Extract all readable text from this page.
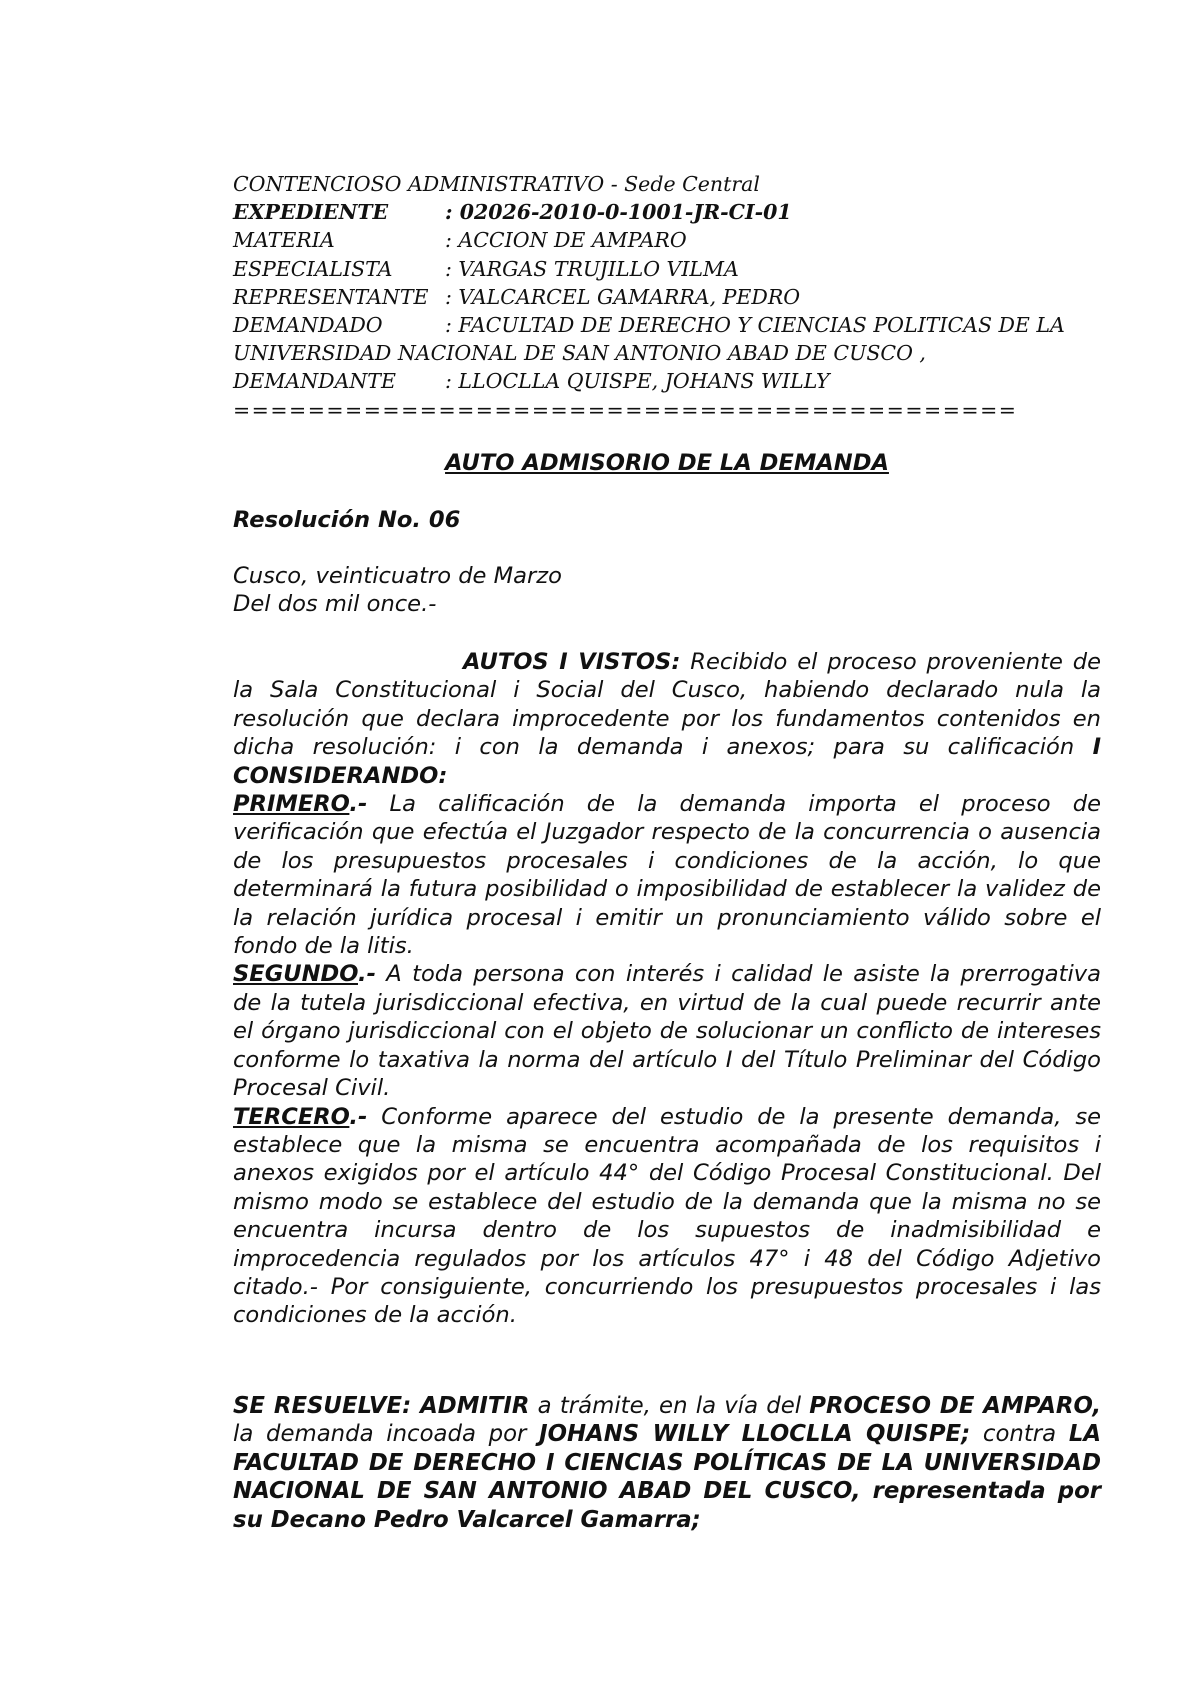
CONTENCIOSO ADMINISTRATIVO - Sede Central
EXPEDIENTE	: 02026-2010-0-1001-JR-CI-01
MATERIA	: ACCION DE AMPARO
ESPECIALISTA	: VARGAS TRUJILLO VILMA
REPRESENTANTE : VALCARCEL GAMARRA, PEDRO
DEMANDADO	: FACULTAD DE DERECHO Y CIENCIAS POLITICAS DE LA
UNIVERSIDAD NACIONAL DE SAN ANTONIO ABAD DE CUSCO ,
DEMANDANTE	: LLOCLLA QUISPE, JOHANS WILLY
==========================================
AUTO ADMISORIO DE LA DEMANDA
Resolución No. 06
Cusco, veinticuatro de Marzo
Del dos mil once.-

AUTOS I VISTOS: Recibido el proceso proveniente de la Sala Constitucional i Social del Cusco, habiendo declarado nula la resolución que declara improcedente por los fundamentos contenidos en dicha resolución: i con la demanda i anexos; para su calificación I CONSIDERANDO:

PRIMERO.- La calificación de la demanda importa el proceso de verificación que efectúa el Juzgador respecto de la concurrencia o ausencia de los presupuestos procesales i condiciones de la acción, lo que determinará la futura posibilidad o imposibilidad de establecer la validez de la relación jurídica procesal i emitir un pronunciamiento válido sobre el fondo de la litis.

SEGUNDO.- A toda persona con interés i calidad le asiste la prerrogativa de la tutela jurisdiccional efectiva, en virtud de la cual puede recurrir ante el órgano jurisdiccional con el objeto de solucionar un conflicto de intereses conforme lo taxativa la norma del artículo I del Título Preliminar del Código Procesal Civil.

TERCERO.- Conforme aparece del estudio de la presente demanda, se establece que la misma se encuentra acompañada de los requisitos i anexos exigidos por el artículo 44° del Código Procesal Constitucional. Del mismo modo se establece del estudio de la demanda que la misma no se encuentra incursa dentro de los supuestos de inadmisibilidad e improcedencia regulados por los artículos 47° i 48 del Código Adjetivo citado.- Por consiguiente, concurriendo los presupuestos procesales i las condiciones de la acción.

SE RESUELVE: ADMITIR a trámite, en la vía del PROCESO DE AMPARO, la demanda incoada por JOHANS WILLY LLOCLLA QUISPE; contra LA FACULTAD DE DERECHO I CIENCIAS POLÍTICAS DE LA UNIVERSIDAD NACIONAL DE SAN ANTONIO ABAD DEL CUSCO, representada por su Decano Pedro Valcarcel Gamarra;
